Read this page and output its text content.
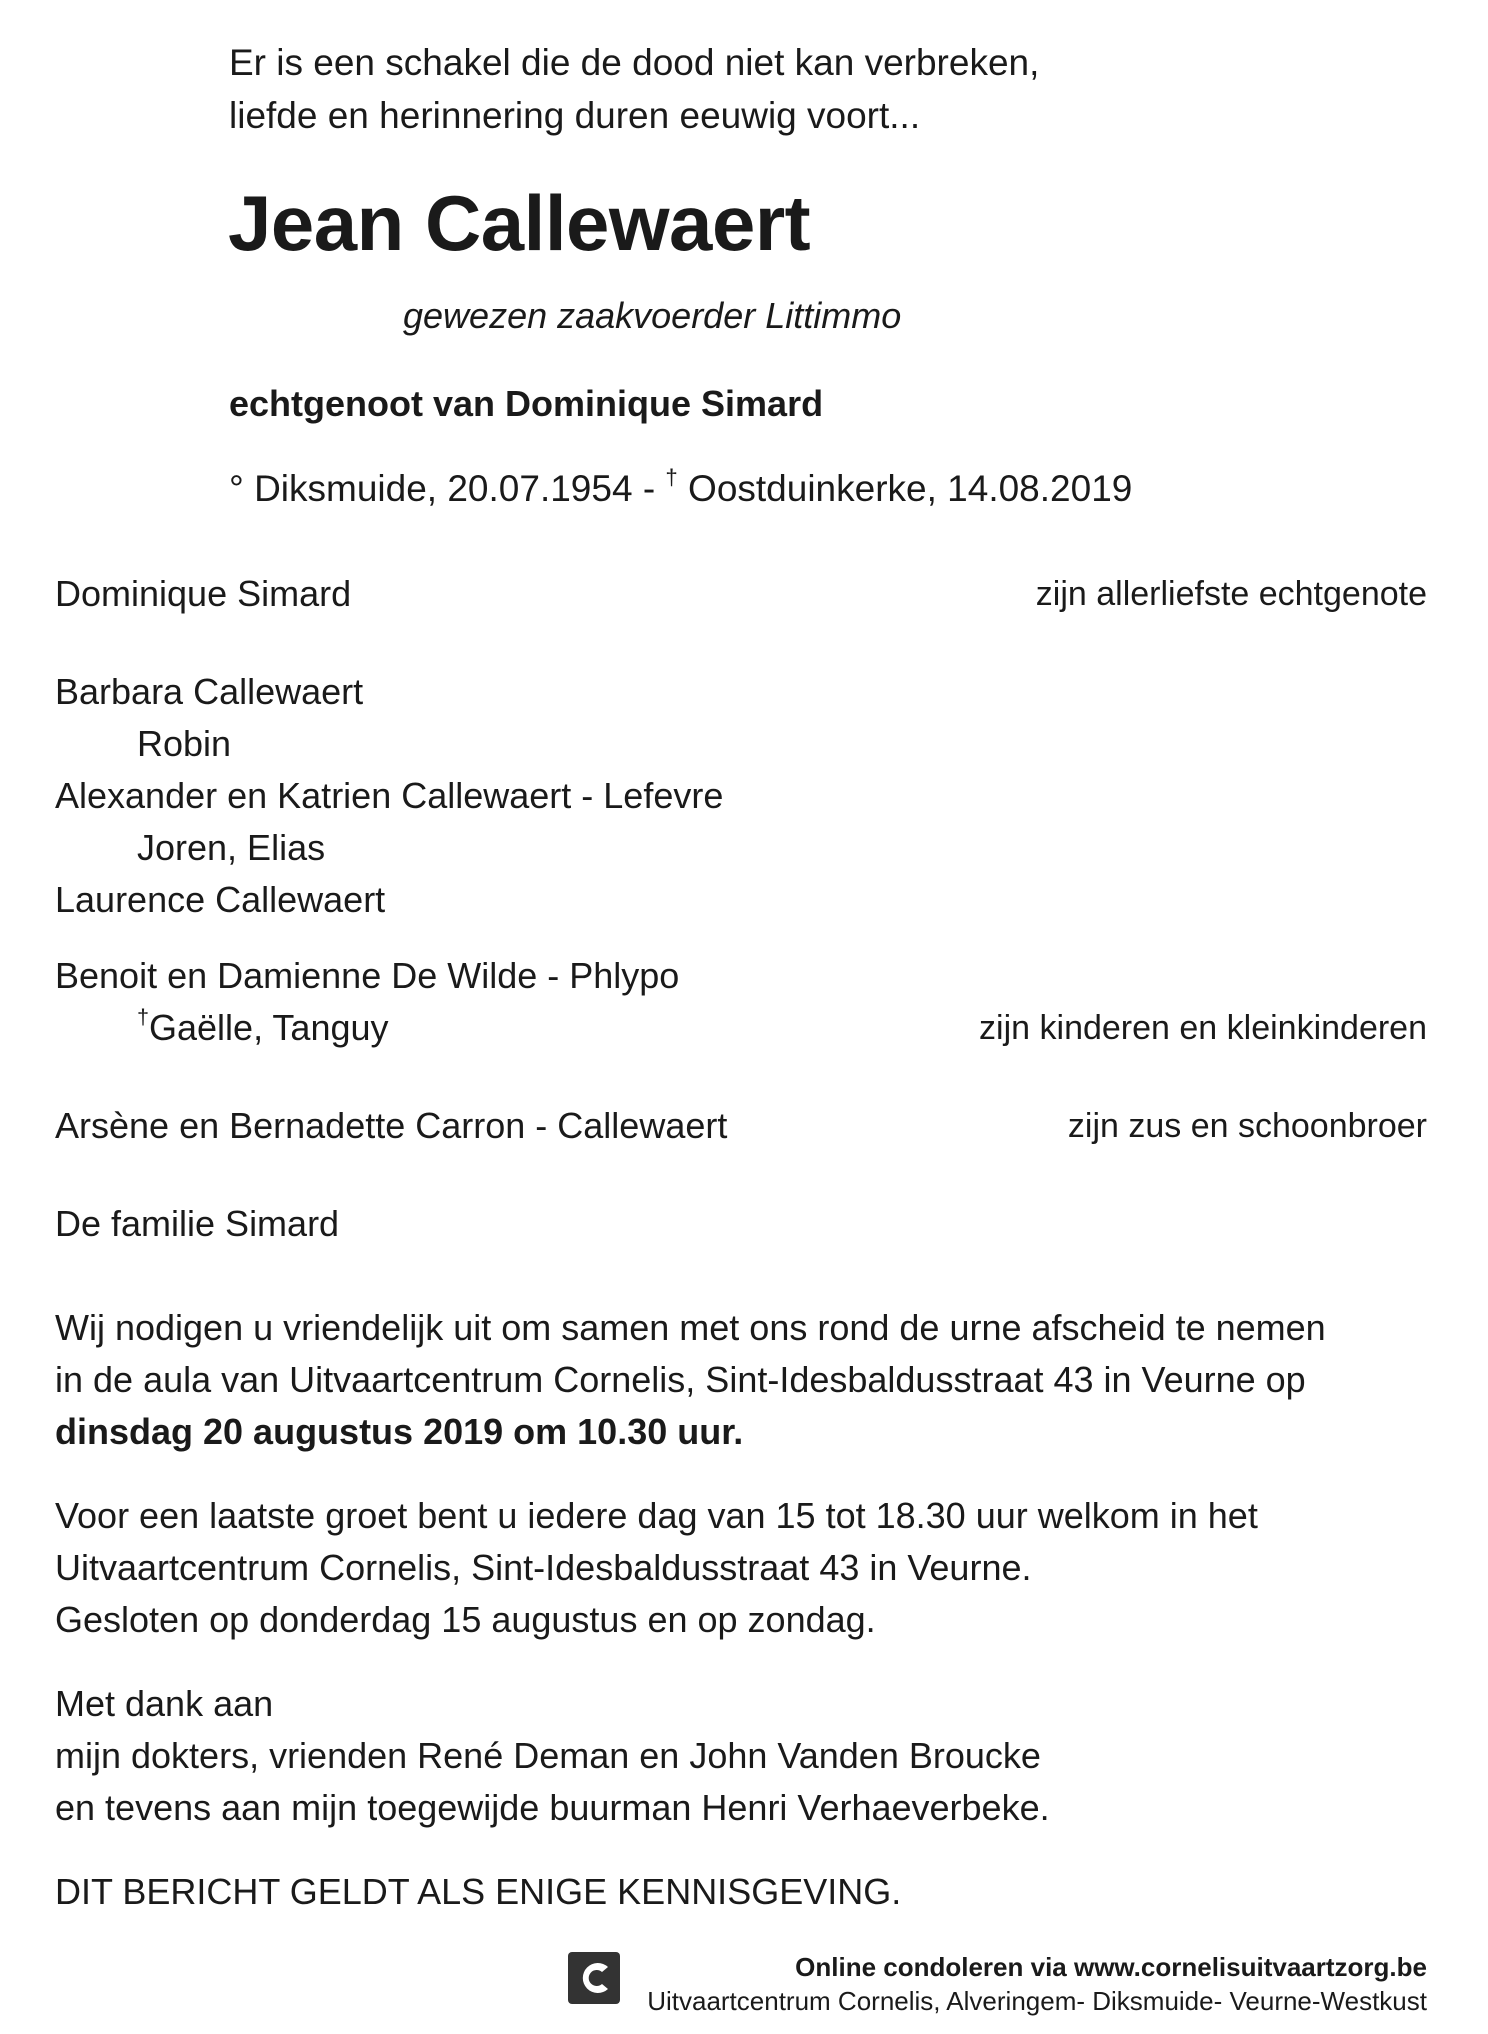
Er is een schakel die de dood niet kan verbreken,
liefde en herinnering duren eeuwig voort...
Jean Callewaert
gewezen zaakvoerder Littimmo
echtgenoot van Dominique Simard
° Diksmuide, 20.07.1954 - † Oostduinkerke, 14.08.2019
Dominique Simard	zijn allerliefste echtgenote
Barbara Callewaert
Robin
Alexander en Katrien Callewaert - Lefevre
Joren, Elias
Laurence Callewaert
Benoit en Damienne De Wilde - Phlypo
†Gaëlle, Tanguy	zijn kinderen en kleinkinderen
Arsène en Bernadette Carron - Callewaert	zijn zus en schoonbroer
De familie Simard
Wij nodigen u vriendelijk uit om samen met ons rond de urne afscheid te nemen
in de aula van Uitvaartcentrum Cornelis, Sint-Idesbaldusstraat 43 in Veurne op
dinsdag 20 augustus 2019 om 10.30 uur.
Voor een laatste groet bent u iedere dag van 15 tot 18.30 uur welkom in het
Uitvaartcentrum Cornelis, Sint-Idesbaldusstraat 43 in Veurne.
Gesloten op donderdag 15 augustus en op zondag.
Met dank aan
mijn dokters, vrienden René Deman en John Vanden Broucke
en tevens aan mijn toegewijde buurman Henri Verhaeverbeke.
DIT BERICHT GELDT ALS ENIGE KENNISGEVING.
Online condoleren via www.cornelisuitvaartzorg.be
Uitvaartcentrum Cornelis, Alveringem- Diksmuide- Veurne-Westkust
